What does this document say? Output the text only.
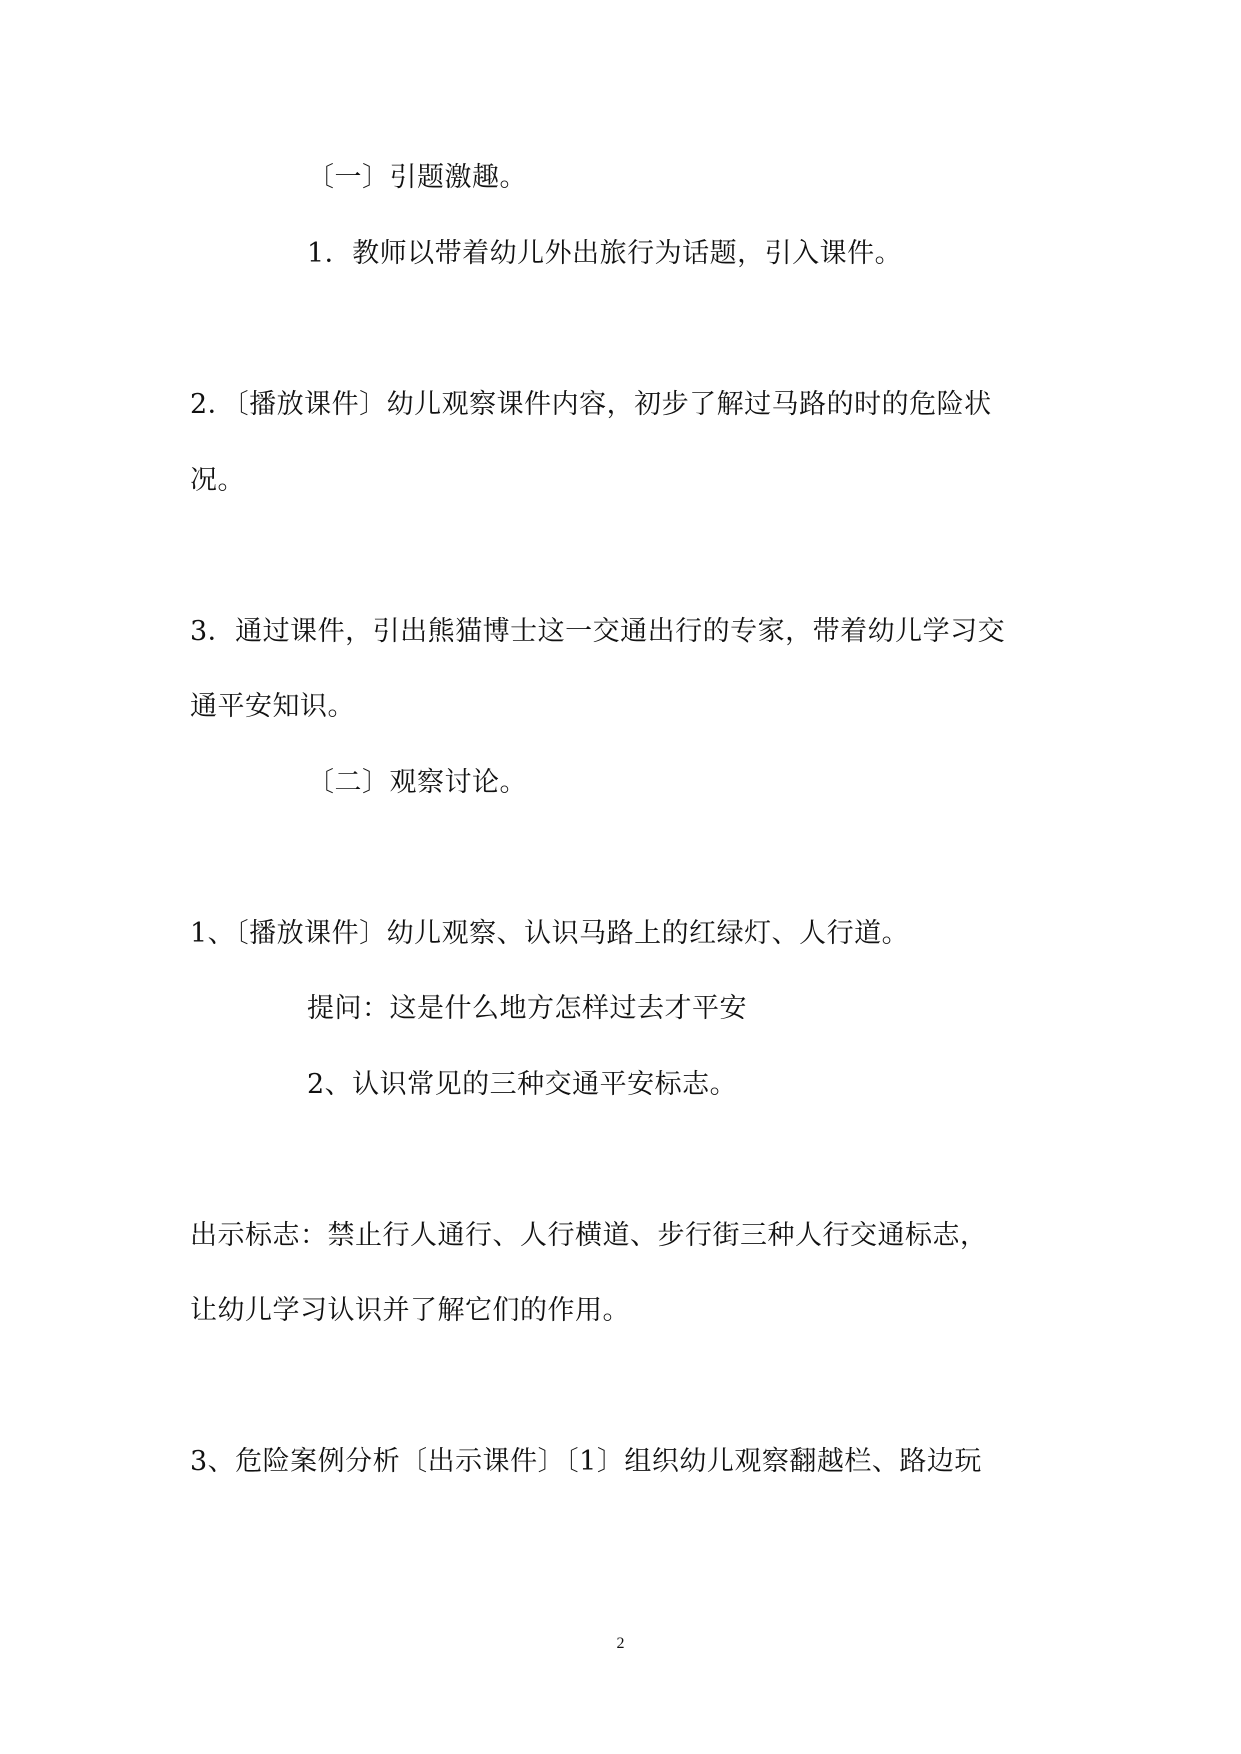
〔一〕引题激趣。
1．教师以带着幼儿外出旅行为话题，引入课件。
2．〔播放课件〕幼儿观察课件内容，初步了解过马路的时的危险状
况。
3．通过课件，引出熊猫博士这一交通出行的专家，带着幼儿学习交
通平安知识。
〔二〕观察讨论。
1、〔播放课件〕幼儿观察、认识马路上的红绿灯、人行道。
提问：这是什么地方怎样过去才平安
2、认识常见的三种交通平安标志。
出示标志：禁止行人通行、人行横道、步行街三种人行交通标志，
让幼儿学习认识并了解它们的作用。
3、危险案例分析〔出示课件〕〔1〕组织幼儿观察翻越栏、路边玩
2
